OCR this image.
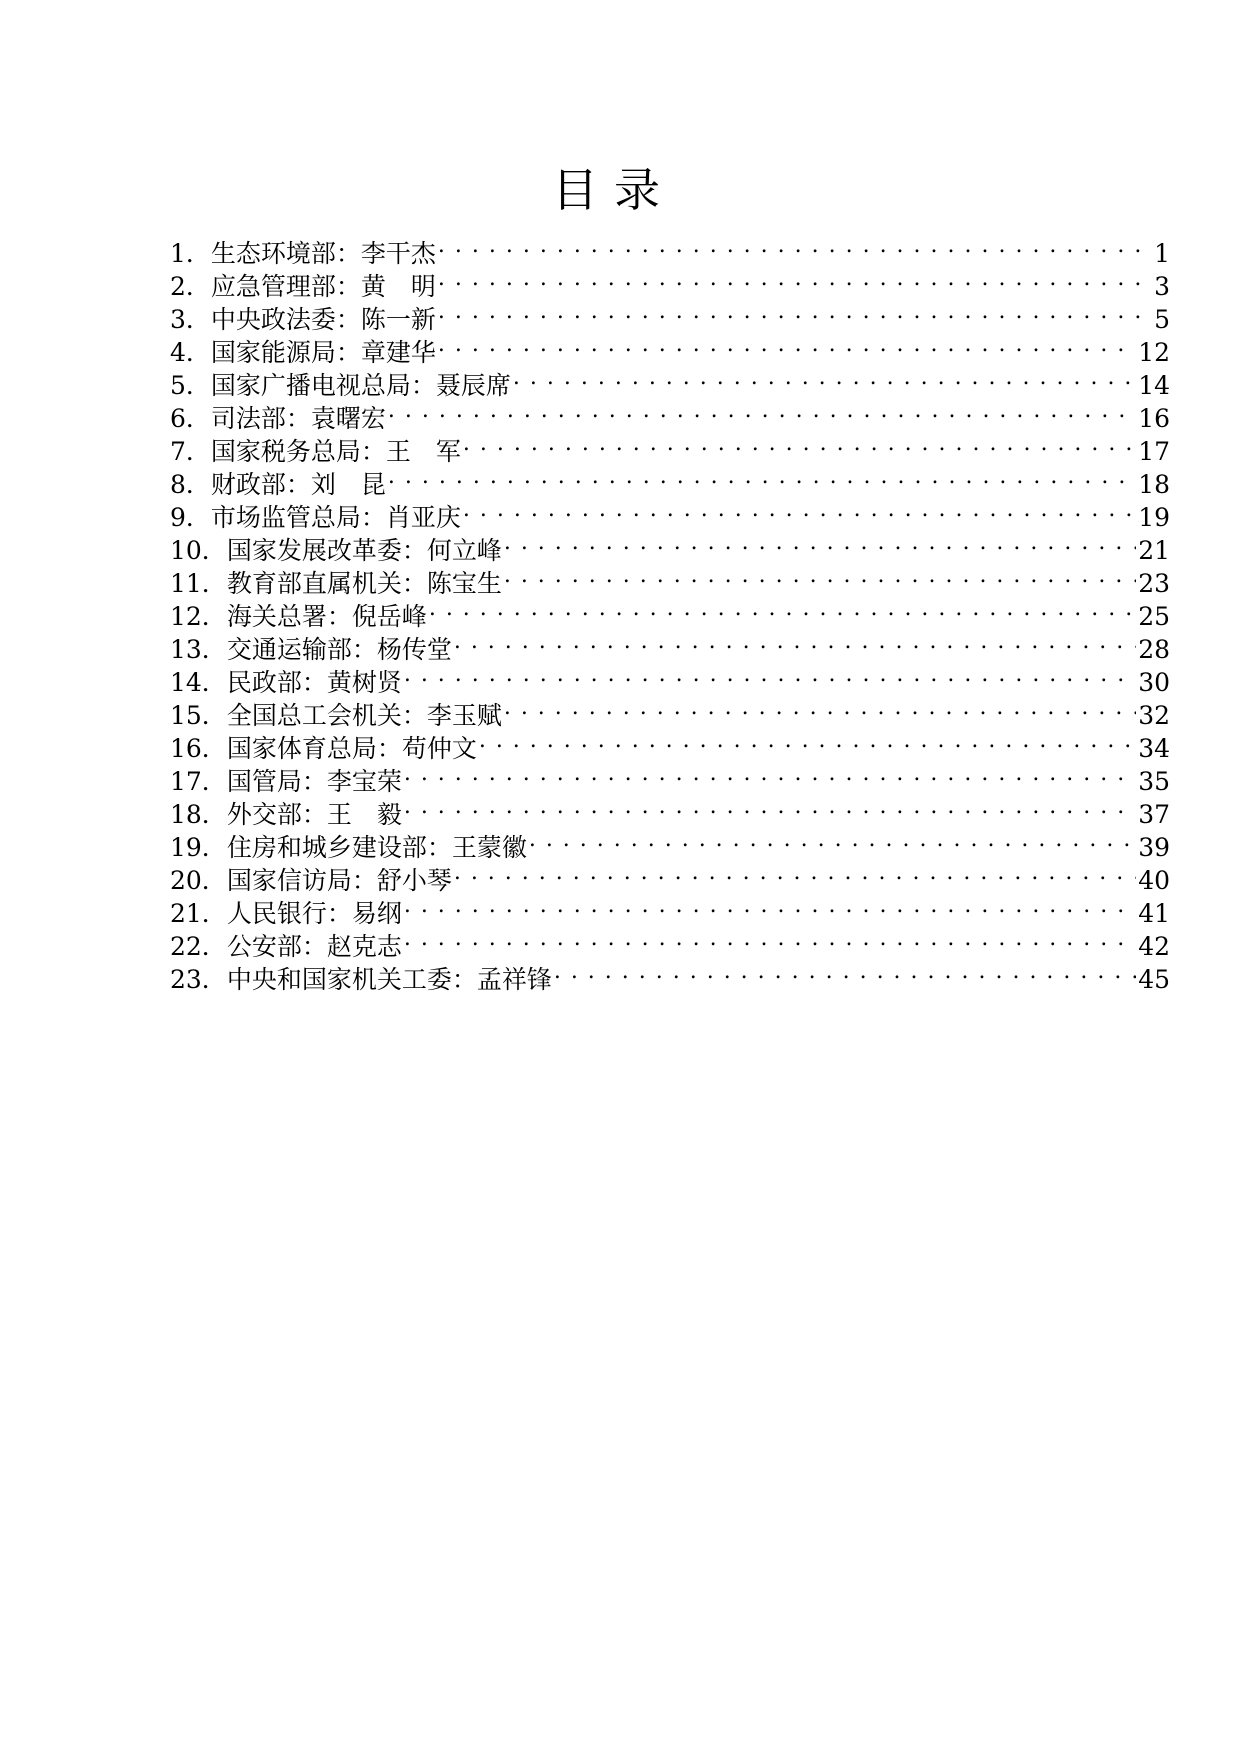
目录
1． 生态环境部：李干杰 . . .	1
2． 应急管理部：黄　明 . . .	3
3． 中央政法委：陈一新 . . .	5
4． 国家能源局：章建华 . . .	12
5． 国家广播电视总局：聂辰席 . . .	14
6． 司法部：袁曙宏 . . .	16
7． 国家税务总局：王　军 . . .	17
8． 财政部：刘　昆 . . .	18
9． 市场监管总局：肖亚庆 . . .	19
10． 国家发展改革委：何立峰 . . .	21
11． 教育部直属机关：陈宝生 . . .	23
12． 海关总署：倪岳峰 . . .	25
13． 交通运输部：杨传堂 . . .	28
14． 民政部：黄树贤 . . .	30
15． 全国总工会机关：李玉赋 . . .	32
16． 国家体育总局：苟仲文 . . .	34
17． 国管局：李宝荣 . . .	35
18． 外交部：王　毅 . . .	37
19． 住房和城乡建设部：王蒙徽 . . .	39
20． 国家信访局：舒小琴 . . .	40
21． 人民银行：易纲 . . .	41
22． 公安部：赵克志 . . .	42
23． 中央和国家机关工委：孟祥锋 . . .	45
